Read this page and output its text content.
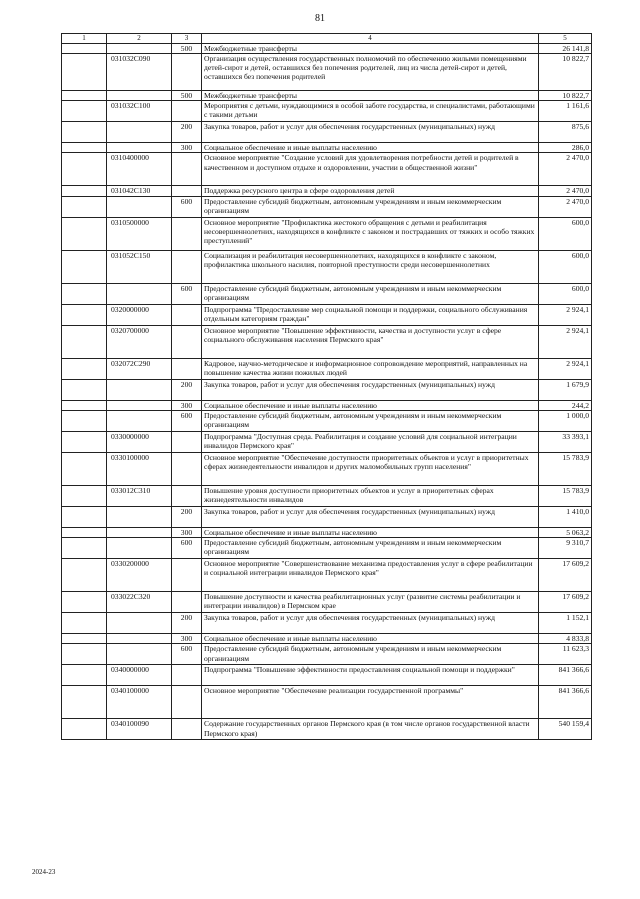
81
1	2	3	4	5
		500	Межбюджетные трансферты	26 141,8
	031032С090		Организация осуществления государственных полномочий по обеспечению жилыми помещениями детей-сирот и детей, оставшихся без попечения родителей, лиц из числа детей-сирот и детей, оставшихся без попечения родителей	10 822,7
		500	Межбюджетные трансферты	10 822,7
	031032С100		Мероприятия с детьми, нуждающимися в особой заботе государства, и специалистами, работающими с такими детьми	1 161,6
		200	Закупка товаров, работ и услуг для обеспечения государственных (муниципальных) нужд	875,6
		300	Социальное обеспечение и иные выплаты населению	286,0
	0310400000		Основное мероприятие "Создание условий для удовлетворения потребности детей и родителей в качественном и доступном отдыхе и оздоровлении, участии в общественной жизни"	2 470,0
	031042С130		Поддержка ресурсного центра в сфере оздоровления детей	2 470,0
		600	Предоставление субсидий бюджетным, автономным учреждениям и иным некоммерческим организациям	2 470,0
	0310500000		Основное мероприятие "Профилактика жестокого обращения с детьми и реабилитация несовершеннолетних, находящихся в конфликте с законом и пострадавших от тяжких и особо тяжких преступлений"	600,0
	031052С150		Социализация и реабилитация несовершеннолетних, находящихся в конфликте с законом, профилактика школьного насилия, повторной преступности среди несовершеннолетних	600,0
		600	Предоставление субсидий бюджетным, автономным учреждениям и иным некоммерческим организациям	600,0
	0320000000		Подпрограмма "Предоставление мер социальной помощи и поддержки, социального обслуживания отдельным категориям граждан"	2 924,1
	0320700000		Основное мероприятие "Повышение эффективности, качества и доступности услуг в сфере социального обслуживания населения Пермского края"	2 924,1
	032072С290		Кадровое, научно-методическое и информационное сопровождение мероприятий, направленных на повышение качества жизни пожилых людей	2 924,1
		200	Закупка товаров, работ и услуг для обеспечения государственных (муниципальных) нужд	1 679,9
		300	Социальное обеспечение и иные выплаты населению	244,2
		600	Предоставление субсидий бюджетным, автономным учреждениям и иным некоммерческим организациям	1 000,0
	0330000000		Подпрограмма "Доступная среда. Реабилитация и создание условий для социальной интеграции инвалидов Пермского края"	33 393,1
	0330100000		Основное мероприятие "Обеспечение доступности приоритетных объектов и услуг в приоритетных сферах жизнедеятельности инвалидов и других маломобильных групп населения"	15 783,9
	033012С310		Повышение уровня доступности приоритетных объектов и услуг в приоритетных сферах жизнедеятельности инвалидов	15 783,9
		200	Закупка товаров, работ и услуг для обеспечения государственных (муниципальных) нужд	1 410,0
		300	Социальное обеспечение и иные выплаты населению	5 063,2
		600	Предоставление субсидий бюджетным, автономным учреждениям и иным некоммерческим организациям	9 310,7
	0330200000		Основное мероприятие "Совершенствование механизма предоставления услуг в сфере реабилитации и социальной интеграции инвалидов Пермского края"	17 609,2
	033022С320		Повышение доступности и качества реабилитационных услуг (развитие системы реабилитации и интеграции инвалидов) в Пермском крае	17 609,2
		200	Закупка товаров, работ и услуг для обеспечения государственных (муниципальных) нужд	1 152,1
		300	Социальное обеспечение и иные выплаты населению	4 833,8
		600	Предоставление субсидий бюджетным, автономным учреждениям и иным некоммерческим организациям	11 623,3
	0340000000		Подпрограмма "Повышение эффективности предоставления социальной помощи и поддержки"	841 366,6
	0340100000		Основное мероприятие "Обеспечение реализации государственной программы"	841 366,6
	0340100090		Содержание государственных органов Пермского края (в том числе органов государственной власти Пермского края)	540 159,4
2024-23
